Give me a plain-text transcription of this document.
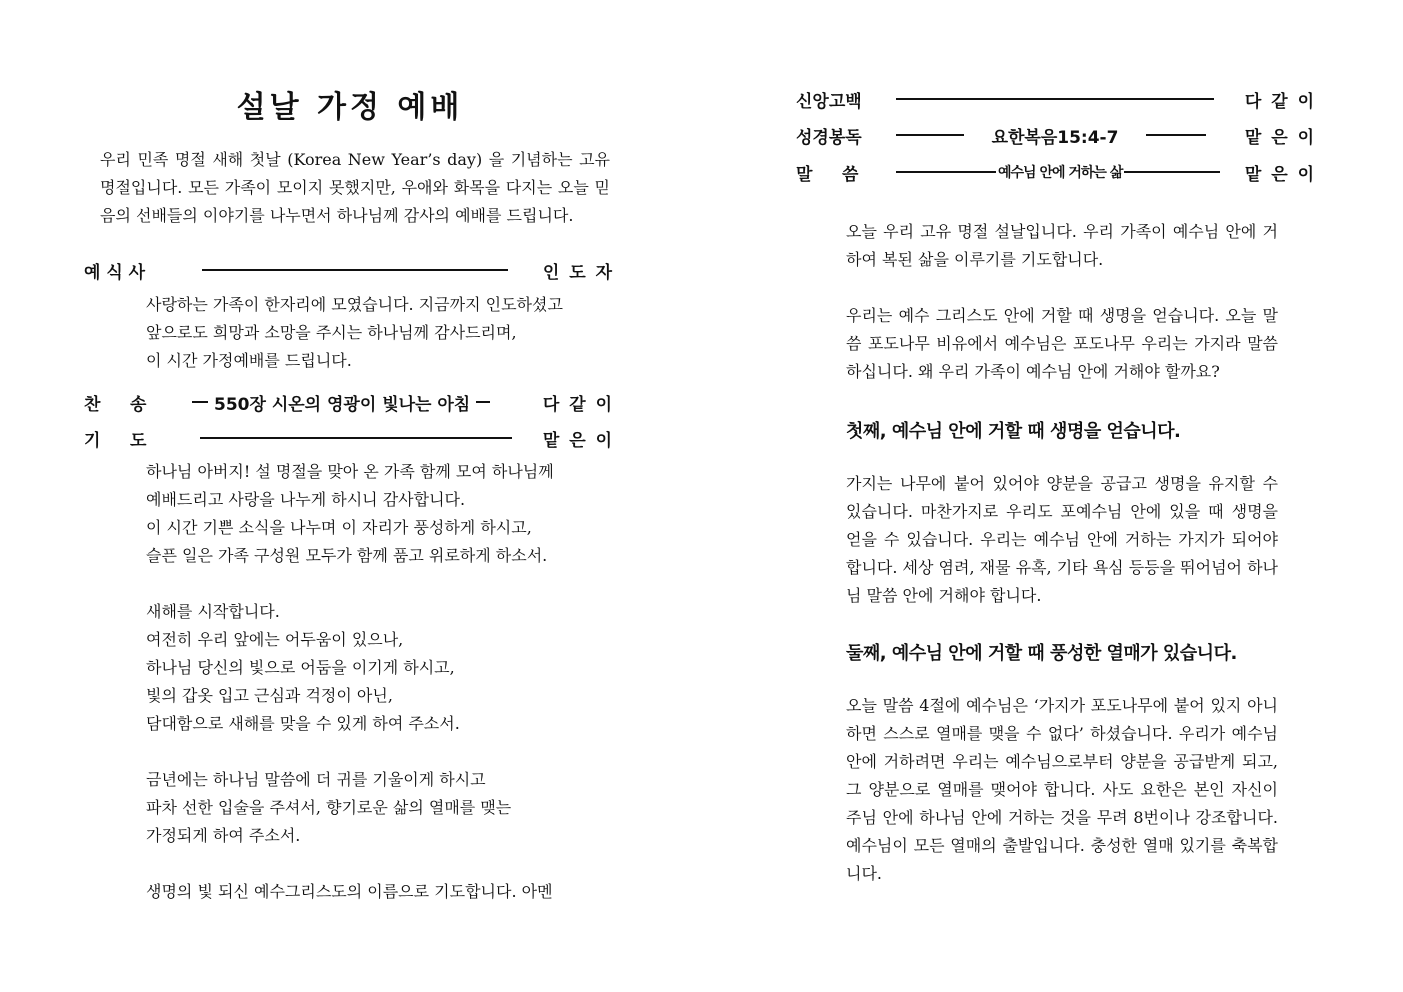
설날 가정 예배
우리 민족 명절 새해 첫날 (Korea New Year’s day) 을 기념하는 고유 명절입니다. 모든 가족이 모이지 못했지만, 우애와 화목을 다지는 오늘 믿음의 선배들의 이야기를 나누면서 하나님께 감사의 예배를 드립니다.
예 식 사	인 도 자
사랑하는 가족이 한자리에 모였습니다. 지금까지 인도하셨고
앞으로도 희망과 소망을 주시는 하나님께 감사드리며,
이 시간 가정예배를 드립니다.
찬     송	550장 시온의 영광이 빛나는 아침	다 같 이
기     도	맡 은 이
하나님 아버지! 설 명절을 맞아 온 가족 함께 모여 하나님께
예배드리고 사랑을 나누게 하시니 감사합니다.
이 시간 기쁜 소식을 나누며 이 자리가 풍성하게 하시고,
슬픈 일은 가족 구성원 모두가 함께 품고 위로하게 하소서.
새해를 시작합니다.
여전히 우리 앞에는 어두움이 있으나,
하나님 당신의 빛으로 어둠을 이기게 하시고,
빛의 갑옷 입고 근심과 걱정이 아닌,
담대함으로 새해를 맞을 수 있게 하여 주소서.
금년에는 하나님 말씀에 더 귀를 기울이게 하시고
파차 선한 입술을 주셔서, 향기로운 삶의 열매를 맺는
가정되게 하여 주소서.
생명의 빛 되신 예수그리스도의 이름으로 기도합니다. 아멘
신앙고백	다 같 이
성경봉독	요한복음15:4-7	맡 은 이
말     씀	예수님 안에 거하는 삶	맡 은 이
오늘 우리 고유 명절 설날입니다. 우리 가족이 예수님 안에 거하여 복된 삶을 이루기를 기도합니다.
우리는 예수 그리스도 안에 거할 때 생명을 얻습니다. 오늘 말씀 포도나무 비유에서 예수님은 포도나무 우리는 가지라 말씀하십니다. 왜 우리 가족이 예수님 안에 거해야 할까요?
첫째, 예수님 안에 거할 때 생명을 얻습니다.
가지는 나무에 붙어 있어야 양분을 공급고 생명을 유지할 수 있습니다. 마찬가지로 우리도 포예수님 안에 있을 때 생명을 얻을 수 있습니다. 우리는 예수님 안에 거하는 가지가 되어야 합니다. 세상 염려, 재물 유혹, 기타 욕심 등등을 뛰어넘어 하나님 말씀 안에 거해야 합니다.
둘째, 예수님 안에 거할 때 풍성한 열매가 있습니다.
오늘 말씀 4절에 예수님은 ‘가지가 포도나무에 붙어 있지 아니하면 스스로 열매를 맺을 수 없다’ 하셨습니다. 우리가 예수님 안에 거하려면 우리는 예수님으로부터 양분을 공급받게 되고, 그 양분으로 열매를 맺어야 합니다. 사도 요한은 본인 자신이 주님 안에 하나님 안에 거하는 것을 무려 8번이나 강조합니다. 예수님이 모든 열매의 출발입니다. 충성한 열매 있기를 축복합니다.
